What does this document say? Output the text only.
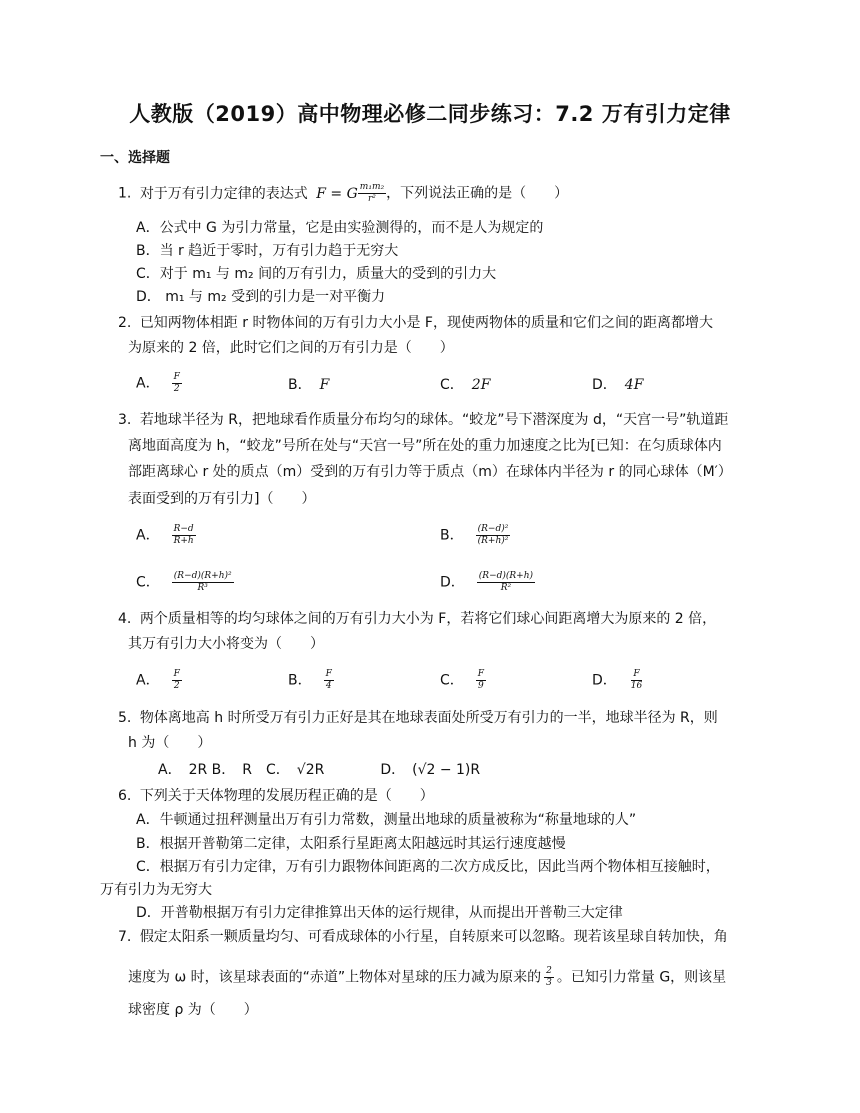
人教版（2019）高中物理必修二同步练习：7.2 万有引力定律
一、选择题
1. 对于万有引力定律的表达式 F = G $\frac{\text{m₁m₂}}{\text{r²}}$ ，下列说法正确的是（　　）
A．公式中 G 为引力常量，它是由实验测得的，而不是人为规定的
B．当 r 趋近于零时，万有引力趋于无穷大
C．对于 m₁ 与 m₂ 间的万有引力，质量大的受到的引力大
D． m₁ 与 m₂ 受到的引力是一对平衡力
2. 已知两物体相距 r 时物体间的万有引力大小是 F，现使两物体的质量和它们之间的距离都增大
为原来的 2 倍，此时它们之间的万有引力是（　　）
A． $\frac{F}{2}$	B． F	C． 2F	D． 4F
3. 若地球半径为 R，把地球看作质量分布均匀的球体。“蛟龙”号下潜深度为 d，“天宫一号”轨道距
离地面高度为 h，“蛟龙”号所在处与“天宫一号”所在处的重力加速度之比为[已知：在匀质球体内
部距离球心 r 处的质点（m）受到的万有引力等于质点（m）在球体内半径为 r 的同心球体（M′）
表面受到的万有引力]（　　）
A． $\frac{R-d}{R+h}$	B． $\frac{\text{(R−d)²}}{\text{(R+h)²}}$
C． $\frac{\text{(R−d)(R+h)²}}{\text{R³}}$	D． $\frac{(R-d)(R+h)}{\text{R²}}$
4. 两个质量相等的均匀球体之间的万有引力大小为 F，若将它们球心间距离增大为原来的 2 倍，
其万有引力大小将变为（　　）
A． $\frac{F}{2}$	B． $\frac{F}{4}$	C． $\frac{F}{9}$	D． $\frac{F}{16}$
5. 物体离地高 h 时所受万有引力正好是其在地球表面处所受万有引力的一半，地球半径为 R，则
h 为（　　）
A．　2R B．　R　C．　√2R　　　　D．　(√2 − 1)R
6. 下列关于天体物理的发展历程正确的是（　　）
A．牛顿通过扭秤测量出万有引力常数，测量出地球的质量被称为“称量地球的人”
B．根据开普勒第二定律，太阳系行星距离太阳越远时其运行速度越慢
C．根据万有引力定律，万有引力跟物体间距离的二次方成反比，因此当两个物体相互接触时，
万有引力为无穷大
D．开普勒根据万有引力定律推算出天体的运行规律，从而提出开普勒三大定律
7. 假定太阳系一颗质量均匀、可看成球体的小行星，自转原来可以忽略。现若该星球自转加快，角
速度为 ω 时，该星球表面的“赤道”上物体对星球的压力减为原来的 $\frac{2}{3}$ 。已知引力常量 G，则该星
球密度 ρ 为（　　）
